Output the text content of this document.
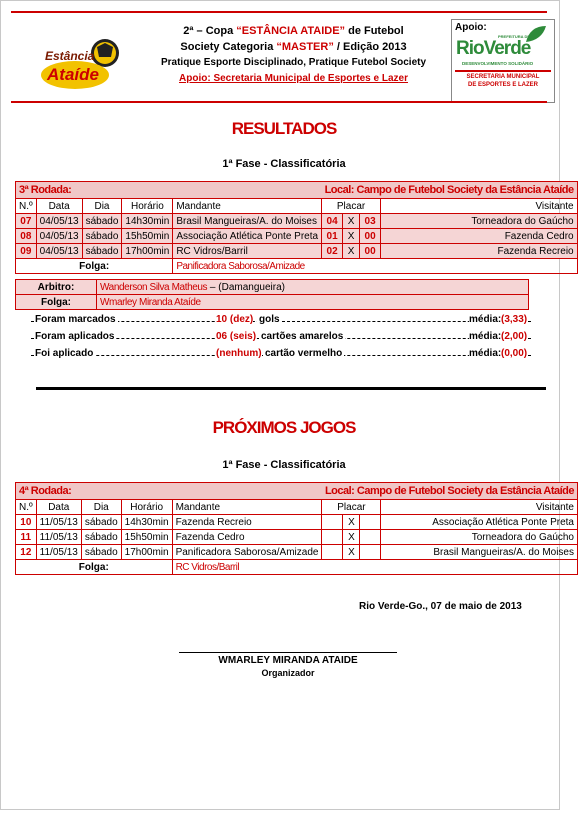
Estância
Ataíde
2ª – Copa “ESTÂNCIA ATAIDE” de Futebol
Society Categoria “MASTER” / Edição 2013
Pratique Esporte Disciplinado, Pratique Futebol Society
Apoio: Secretaria Municipal de Esportes e Lazer
Apoio:
PREFEITURA DE
RioVerde
DESENVOLVIMENTO SOLIDÁRIO
SECRETARIA MUNICIPAL
DE ESPORTES E LAZER
RESULTADOS
1ª Fase - Classificatória
3ª Rodada:					Local: Campo de Futebol Society da Estância Ataíde			
N.º	Data	Dia	Horário	Mandante	Placar			Visitante
07	04/05/13	sábado	14h30min	Brasil Mangueiras/A. do Moises	04	X	03	Torneadora do Gaúcho
08	04/05/13	sábado	15h50min	Associação Atlética Ponte Preta	01	X	00	Fazenda Cedro
09	04/05/13	sábado	17h00min	RC Vidros/Barril	02	X	00	Fazenda Recreio
Folga:				Panificadora Saborosa/Amizade				
Arbitro:	Wanderson Silva Matheus – (Damangueira)
Folga:	Wmarley Miranda Ataíde
Foram marcados	10 (dez) gols	média: (3,33)
Foram aplicados	06 (seis) cartões amarelos	média: (2,00)
Foi aplicado	(nenhum) cartão vermelho	média: (0,00)
PRÓXIMOS JOGOS
1ª Fase - Classificatória
4ª Rodada:					Local: Campo de Futebol Society da Estância Ataíde			
N.º	Data	Dia	Horário	Mandante	Placar			Visitante
10	11/05/13	sábado	14h30min	Fazenda Recreio		X		Associação Atlética Ponte Preta
11	11/05/13	sábado	15h50min	Fazenda Cedro		X		Torneadora do Gaúcho
12	11/05/13	sábado	17h00min	Panificadora Saborosa/Amizade		X		Brasil Mangueiras/A. do Moises
Folga:				RC Vidros/Barril				
Rio Verde-Go., 07 de maio de 2013
WMARLEY MIRANDA ATAIDE
Organizador
